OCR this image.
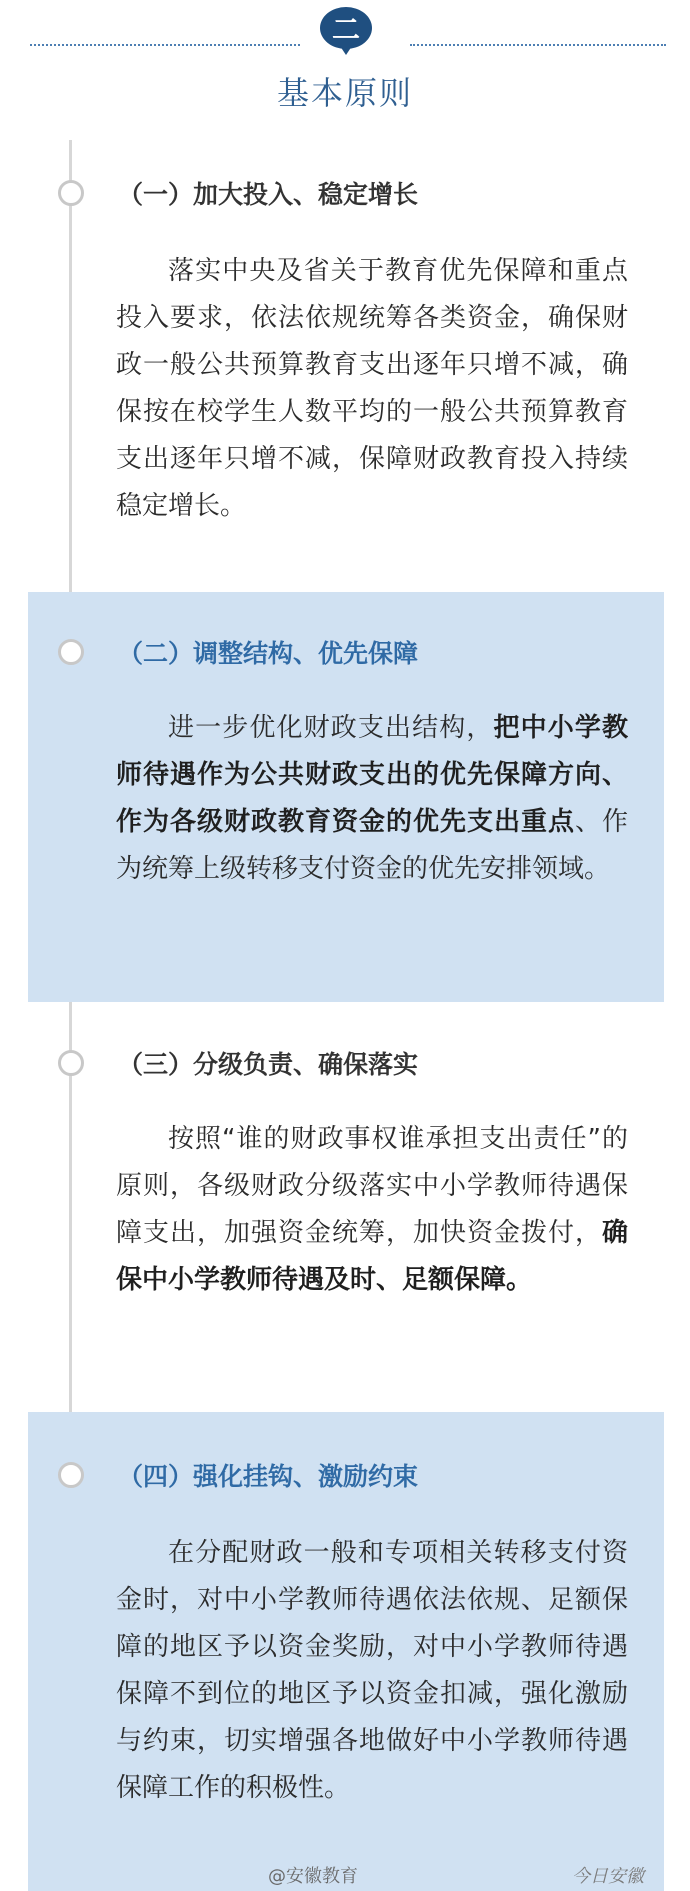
二
基本原则
（一）加大投入、稳定增长
落实中央及省关于教育优先保障和重点投入要求，依法依规统筹各类资金，确保财政一般公共预算教育支出逐年只增不减，确保按在校学生人数平均的一般公共预算教育支出逐年只增不减，保障财政教育投入持续稳定增长。
（二）调整结构、优先保障
进一步优化财政支出结构，把中小学教师待遇作为公共财政支出的优先保障方向、作为各级财政教育资金的优先支出重点、作为统筹上级转移支付资金的优先安排领域。
（三）分级负责、确保落实
按照“谁的财政事权谁承担支出责任”的原则，各级财政分级落实中小学教师待遇保障支出，加强资金统筹，加快资金拨付，确保中小学教师待遇及时、足额保障。
（四）强化挂钩、激励约束
在分配财政一般和专项相关转移支付资金时，对中小学教师待遇依法依规、足额保障的地区予以资金奖励，对中小学教师待遇保障不到位的地区予以资金扣减，强化激励与约束，切实增强各地做好中小学教师待遇保障工作的积极性。
@安徽教育	今日安徽
